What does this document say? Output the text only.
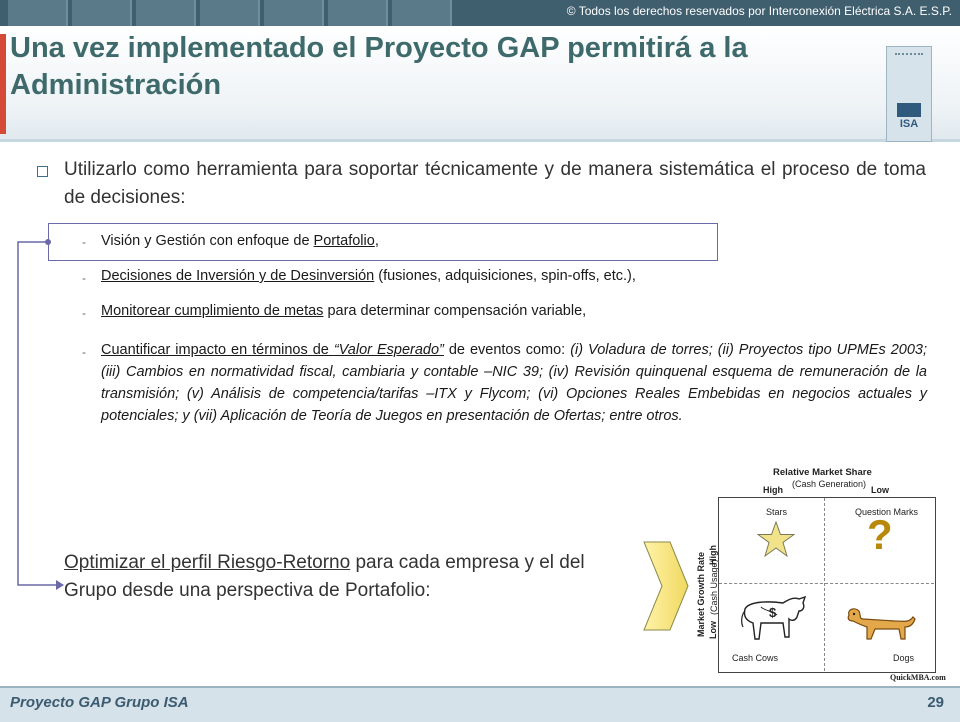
© Todos los derechos reservados por Interconexión Eléctrica S.A. E.S.P.
Una vez implementado el Proyecto GAP permitirá a la Administración
ISA
Utilizarlo como herramienta para soportar técnicamente y de manera sistemática el proceso de toma de decisiones:
- Visión y Gestión con enfoque de Portafolio,
- Decisiones de Inversión y de Desinversión (fusiones, adquisiciones, spin-offs, etc.),
- Monitorear cumplimiento de metas para determinar compensación variable,
- Cuantificar impacto en términos de “Valor Esperado” de eventos como: (i) Voladura de torres; (ii) Proyectos tipo UPMEs 2003; (iii) Cambios en normatividad fiscal, cambiaria y contable –NIC 39; (iv) Revisión quinquenal esquema de remuneración de la transmisión; (v) Análisis de competencia/tarifas –ITX y Flycom; (vi) Opciones Reales Embebidas en negocios actuales y potenciales; y (vii) Aplicación de Teoría de Juegos en presentación de Ofertas; entre otros.
Optimizar el perfil Riesgo-Retorno para cada empresa y el del Grupo desde una perspectiva de Portafolio:
Relative Market Share
High
(Cash Generation)
Low
Market Growth Rate (Cash Usage)
High
Low
Stars	Question Marks
Cash Cows	Dogs
?
$
QuickMBA.com
Proyecto GAP Grupo ISA	29
